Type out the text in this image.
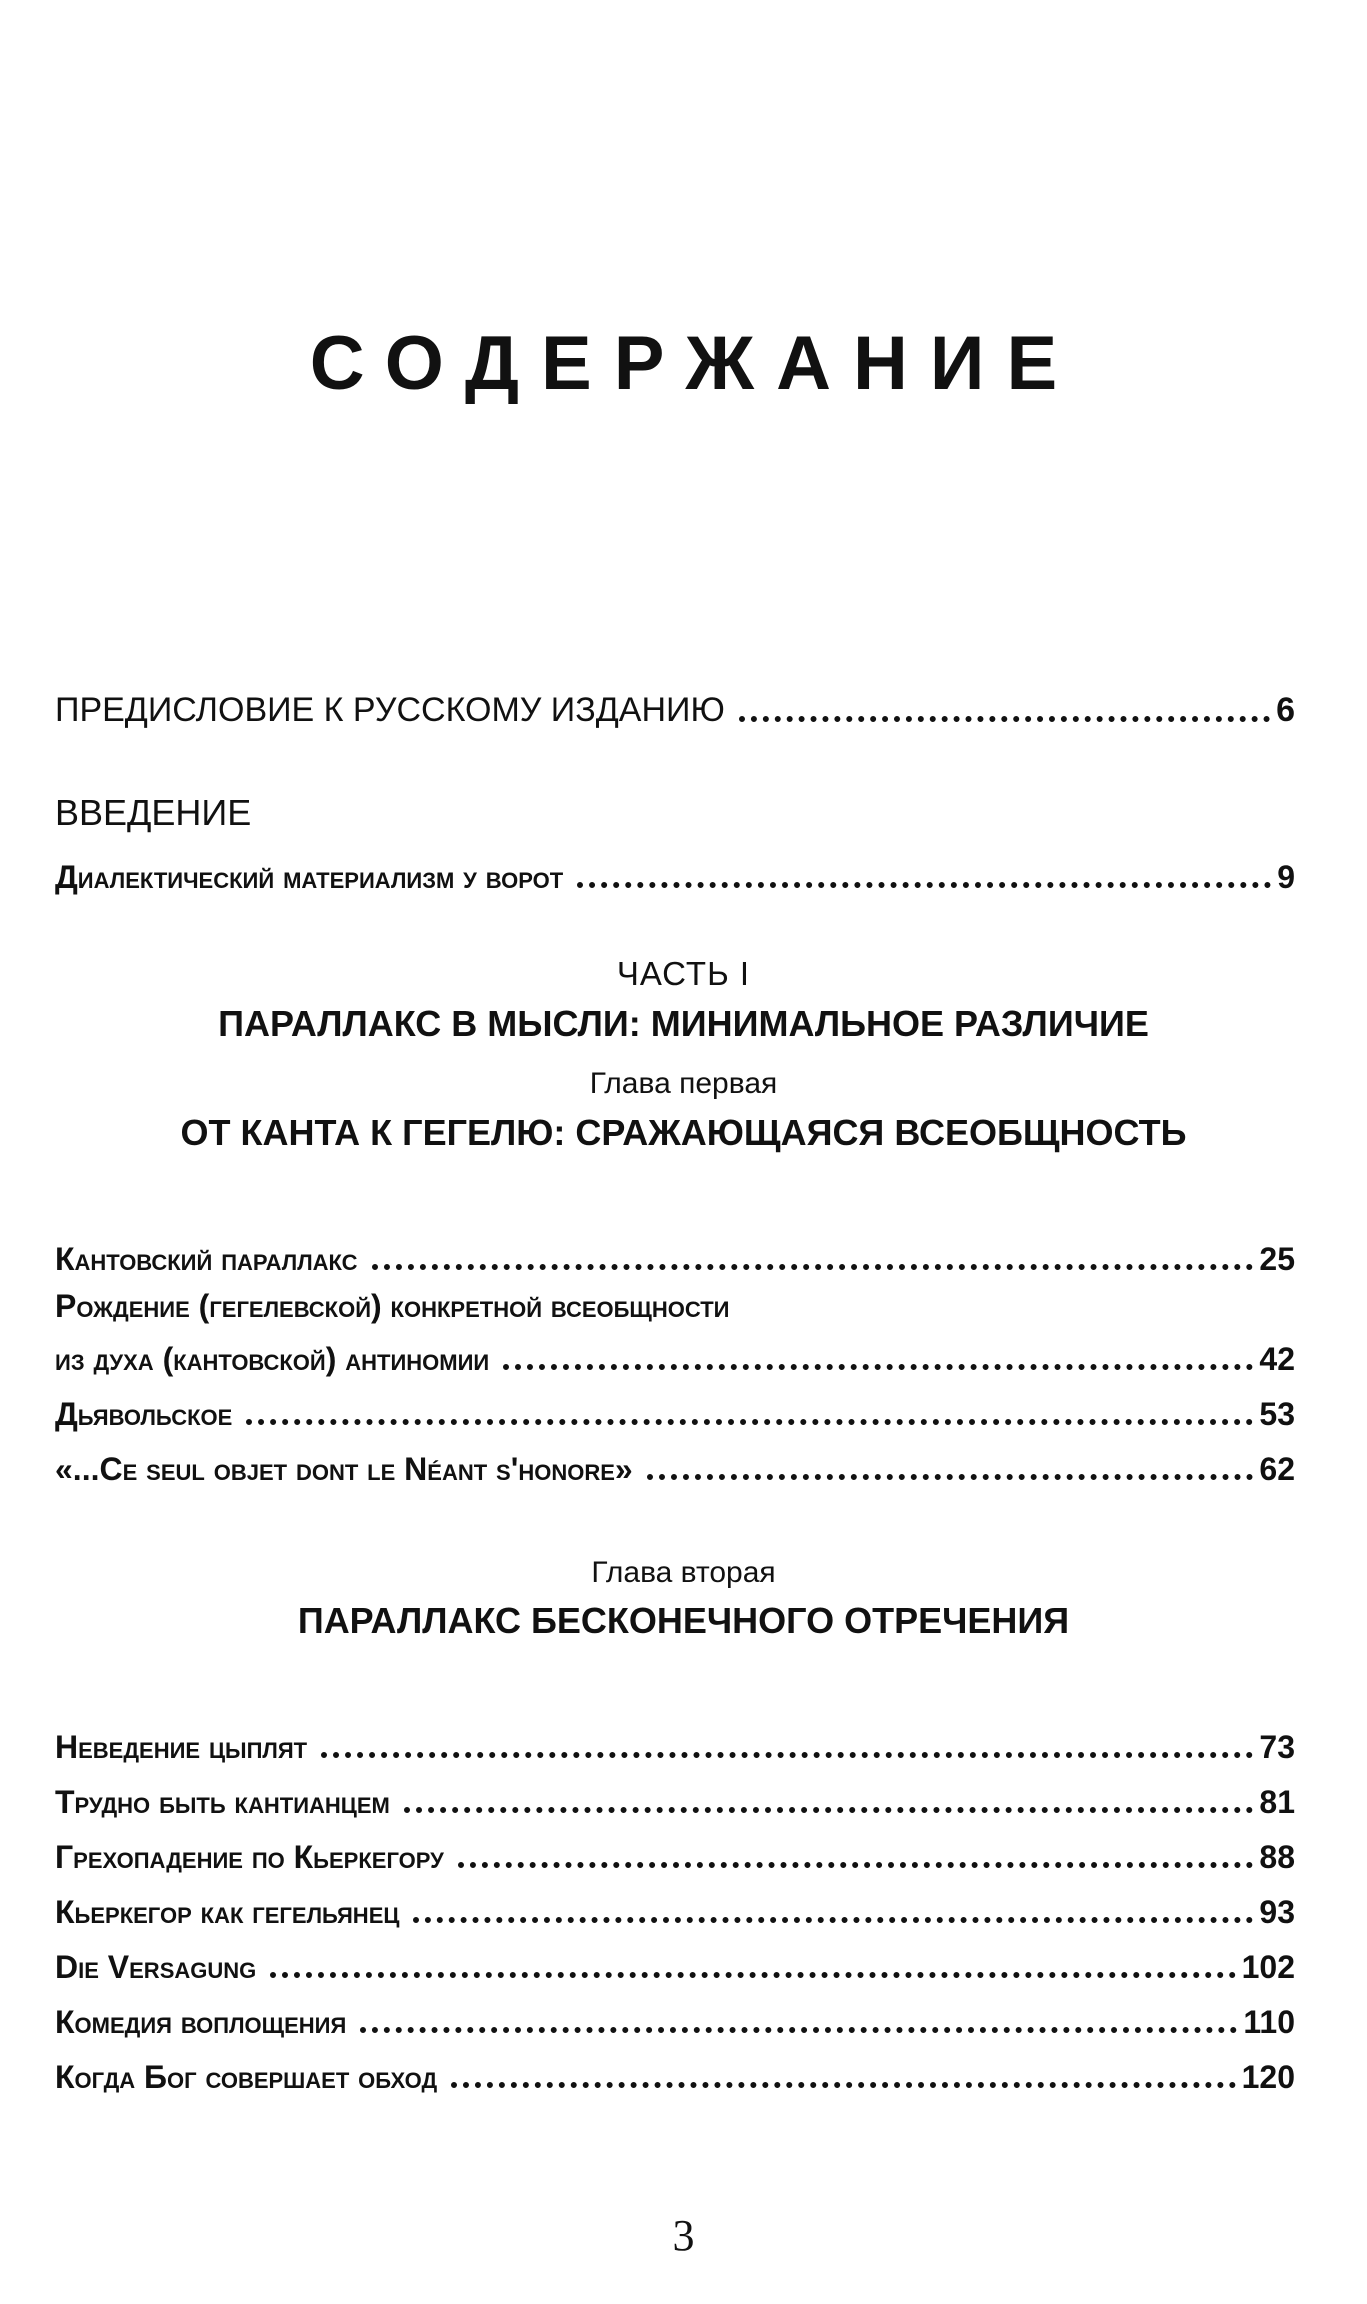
СОДЕРЖАНИЕ
ПРЕДИСЛОВИЕ К РУССКОМУ ИЗДАНИЮ	6
ВВЕДЕНИЕ
Диалектический материализм у ворот	9
ЧАСТЬ I
ПАРАЛЛАКС В МЫСЛИ: МИНИМАЛЬНОЕ РАЗЛИЧИЕ
Глава первая
ОТ КАНТА К ГЕГЕЛЮ: СРАЖАЮЩАЯСЯ ВСЕОБЩНОСТЬ
Кантовский параллакс	25
Рождение (гегелевской) конкретной всеобщности
из духа (кантовской) антиномии	42
Дьявольское	53
«...Ce seul objet dont le Néant s'honore»	62
Глава вторая
ПАРАЛЛАКС БЕСКОНЕЧНОГО ОТРЕЧЕНИЯ
Неведение цыплят	73
Трудно быть кантианцем	81
Грехопадение по Кьеркегору	88
Кьеркегор как гегельянец	93
Die Versagung	102
Комедия воплощения	110
Когда Бог совершает обход	120
3
